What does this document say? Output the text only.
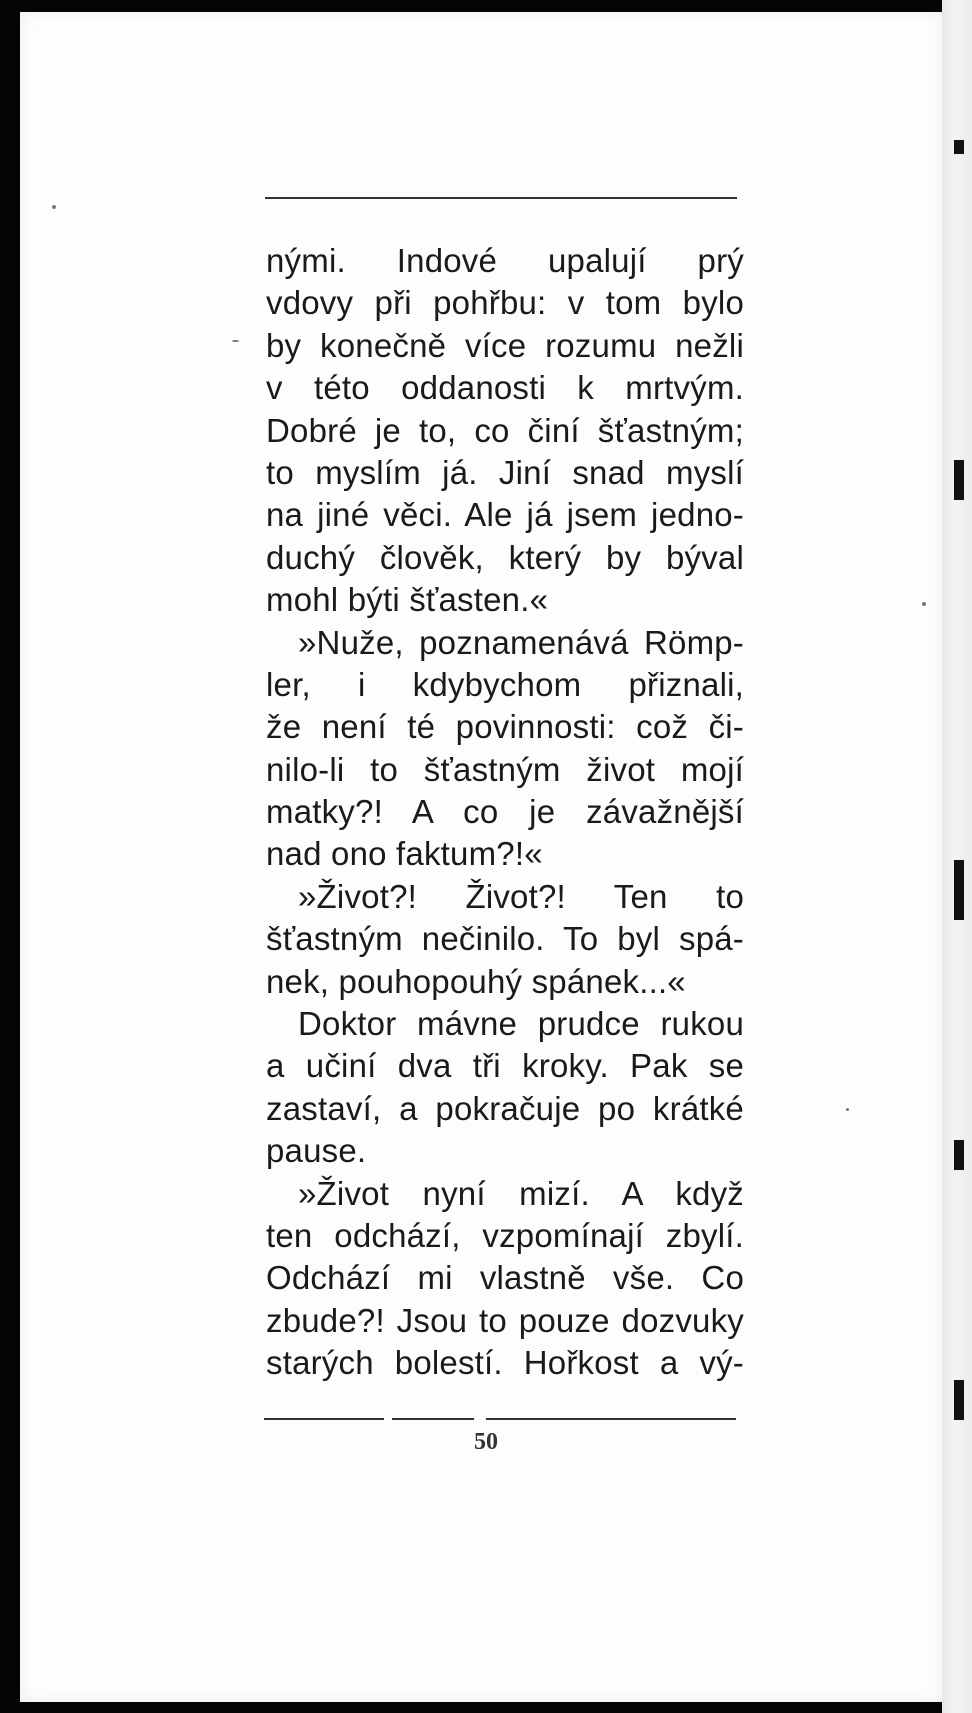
nými. Indové upalují prý
vdovy při pohřbu: v tom bylo
by konečně více rozumu nežli
v této oddanosti k mrtvým.
Dobré je to, co činí šťastným;
to myslím já. Jiní snad myslí
na jiné věci. Ale já jsem jedno-
duchý člověk, který by býval
mohl býti šťasten.«
»Nuže, poznamenává Römp-
ler, i kdybychom přiznali,
že není té povinnosti: což či-
nilo-li to šťastným život mojí
matky?! A co je závažnější
nad ono faktum?!«
»Život?! Život?! Ten to
šťastným nečinilo. To byl spá-
nek, pouhopouhý spánek...«
Doktor mávne prudce rukou
a učiní dva tři kroky. Pak se
zastaví, a pokračuje po krátké
pause.
»Život nyní mizí. A když
ten odchází, vzpomínají zbylí.
Odchází mi vlastně vše. Co
zbude?! Jsou to pouze dozvuky
starých bolestí. Hořkost a vý-
50
